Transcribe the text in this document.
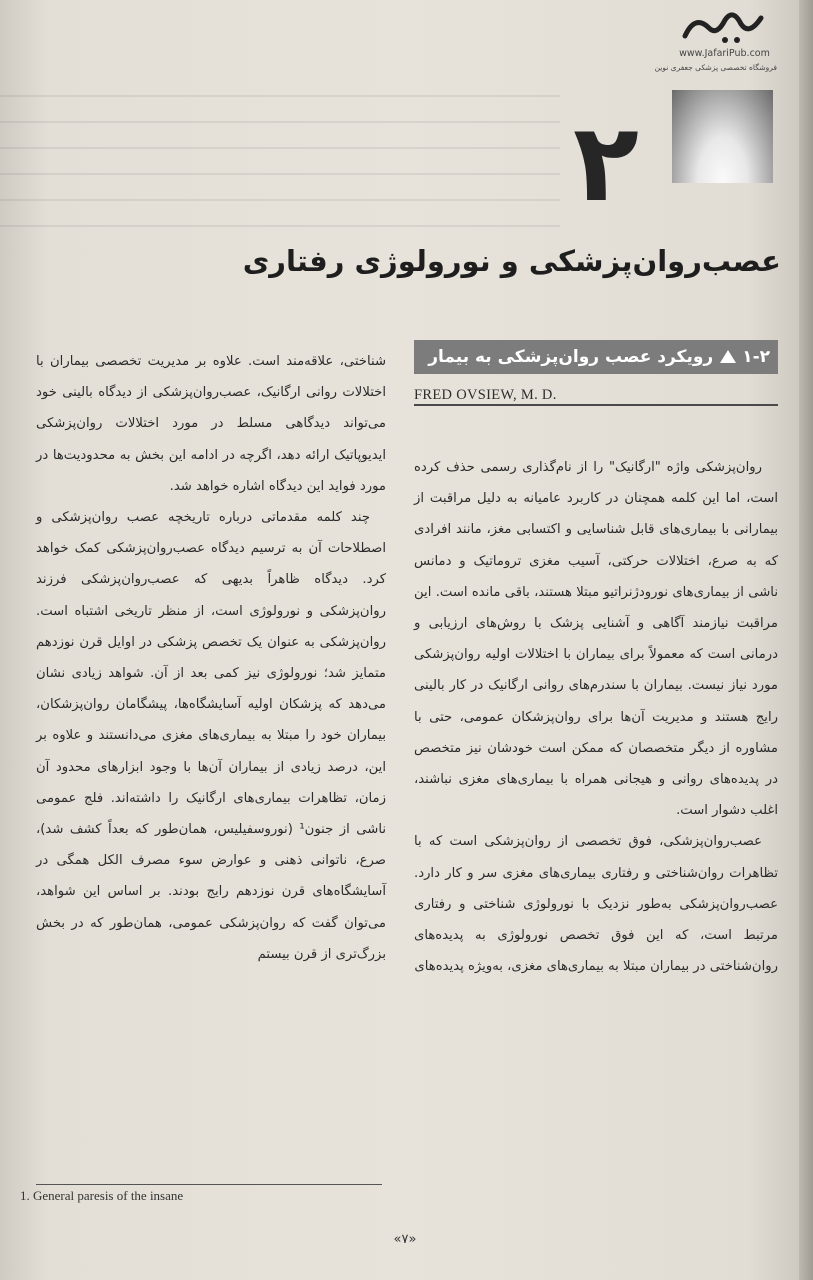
www.JafariPub.com
فروشگاه تخصصی پزشکی جعفری نوین
۲
عصب‌روان‌پزشکی و نورولوژی رفتاری
۱-۲رویکرد عصب روان‌پزشکی به بیمار
FRED OVSIEW, M. D.

شناختی، علاقه‌مند است. علاوه بر مدیریت تخصصی بیماران با اختلالات روانی ارگانیک، عصب‌روان‌پزشکی از دیدگاه بالینی خود می‌تواند دیدگاهی مسلط در مورد اختلالات روان‌پزشکی ایدیوپاتیک ارائه دهد، اگرچه در ادامه این بخش به محدودیت‌ها در مورد فواید این دیدگاه اشاره خواهد شد.

چند کلمه مقدماتی درباره تاریخچه عصب روان‌پزشکی و اصطلاحات آن به ترسیم دیدگاه عصب‌روان‌پزشکی کمک خواهد کرد. دیدگاه ظاهراً بدیهی که عصب‌روان‌پزشکی فرزند روان‌پزشکی و نورولوژی است، از منظر تاریخی اشتباه است. روان‌پزشکی به عنوان یک تخصص پزشکی در اوایل قرن نوزدهم متمایز شد؛ نورولوژی نیز کمی بعد از آن. شواهد زیادی نشان می‌دهد که پزشکان اولیه آسایشگاه‌ها، پیشگامان روان‌پزشکان، بیماران خود را مبتلا به بیماری‌های مغزی می‌دانستند و علاوه بر این، درصد زیادی از بیماران آن‌ها با وجود ابزارهای محدود آن زمان، تظاهرات بیماری‌های ارگانیک را داشته‌اند. فلج عمومی ناشی از جنون¹ (نوروسفیلیس، همان‌طور که بعداً کشف شد)، صرع، ناتوانی ذهنی و عوارض سوء مصرف الکل همگی در آسایشگاه‌های قرن نوزدهم رایج بودند. بر اساس این شواهد، می‌توان گفت که روان‌پزشکی عمومی، همان‌طور که در بخش بزرگ‌تری از قرن بیستم

روان‌پزشکی واژه "ارگانیک" را از نام‌گذاری رسمی حذف کرده است، اما این کلمه همچنان در کاربرد عامیانه به دلیل مراقبت از بیمارانی با بیماری‌های قابل شناسایی و اکتسابی مغز، مانند افرادی که به صرع، اختلالات حرکتی، آسیب مغزی تروماتیک و دمانس ناشی از بیماری‌های نورودژنراتیو مبتلا هستند، باقی مانده است. این مراقبت نیازمند آگاهی و آشنایی پزشک با روش‌های ارزیابی و درمانی است که معمولاً برای بیماران با اختلالات اولیه روان‌پزشکی مورد نیاز نیست. بیماران با سندرم‌های روانی ارگانیک در کار بالینی رایج هستند و مدیریت آن‌ها برای روان‌پزشکان عمومی، حتی با مشاوره از دیگر متخصصان که ممکن است خودشان نیز متخصص در پدیده‌های روانی و هیجانی همراه با بیماری‌های مغزی نباشند، اغلب دشوار است.

عصب‌روان‌پزشکی، فوق تخصصی از روان‌پزشکی است که با تظاهرات روان‌شناختی و رفتاری بیماری‌های مغزی سر و کار دارد. عصب‌روان‌پزشکی به‌طور نزدیک با نورولوژی شناختی و رفتاری مرتبط است، که این فوق تخصص نورولوژی به پدیده‌های روان‌شناختی در بیماران مبتلا به بیماری‌های مغزی، به‌ویژه پدیده‌های

1. General paresis of the insane
«۷»
